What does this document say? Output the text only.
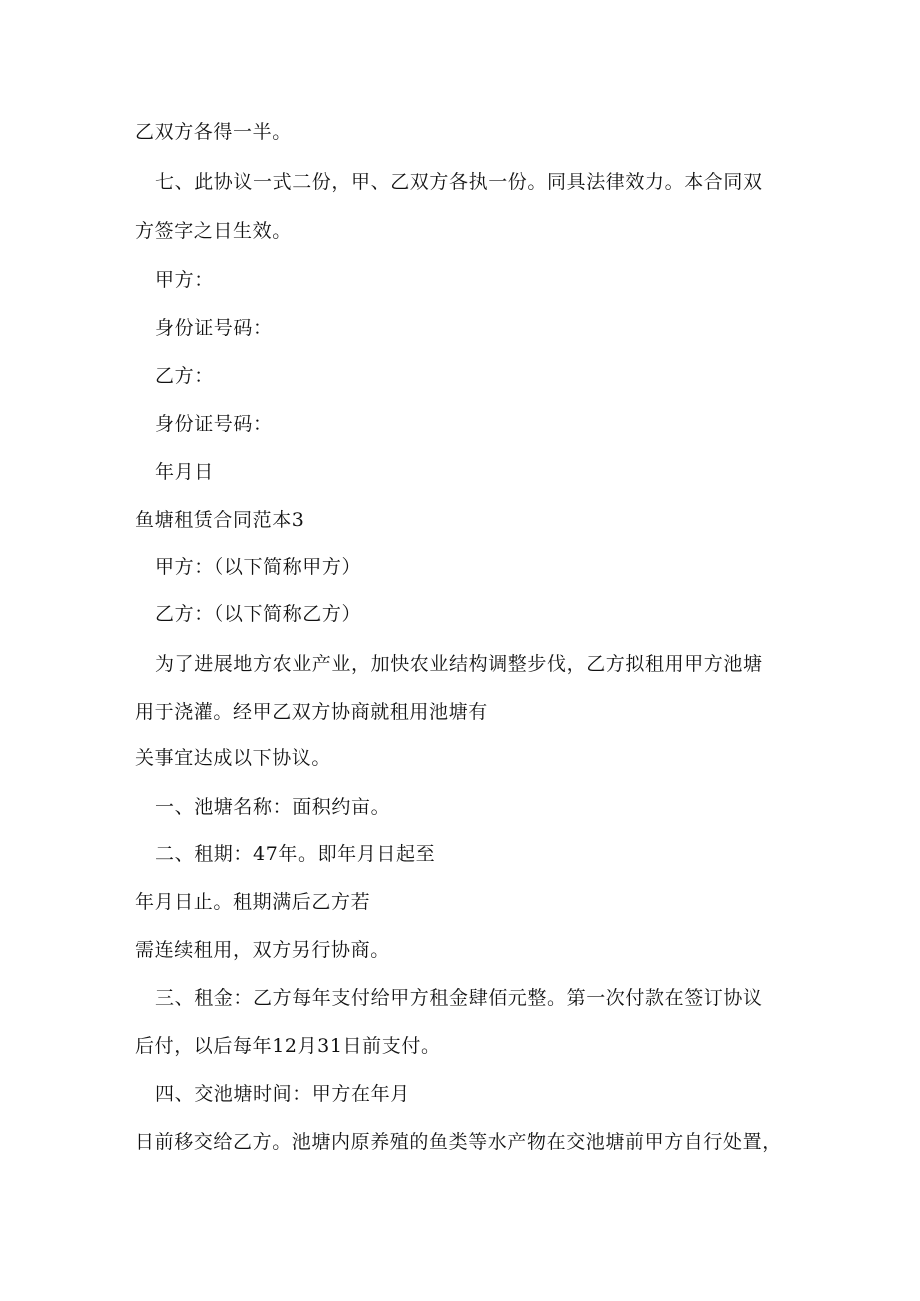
乙双方各得一半。
七、此协议一式二份，甲、乙双方各执一份。同具法律效力。本合同双
方签字之日生效。
甲方：
身份证号码：
乙方：
身份证号码：
年月日
鱼塘租赁合同范本3
甲方：（以下简称甲方）
乙方：（以下简称乙方）
为了进展地方农业产业，加快农业结构调整步伐，乙方拟租用甲方池塘
用于浇灌。经甲乙双方协商就租用池塘有
关事宜达成以下协议。
一、池塘名称：面积约亩。
二、租期：47年。即年月日起至
年月日止。租期满后乙方若
需连续租用，双方另行协商。
三、租金：乙方每年支付给甲方租金肆佰元整。第一次付款在签订协议
后付，以后每年12月31日前支付。
四、交池塘时间：甲方在年月
日前移交给乙方。池塘内原养殖的鱼类等水产物在交池塘前甲方自行处置，
